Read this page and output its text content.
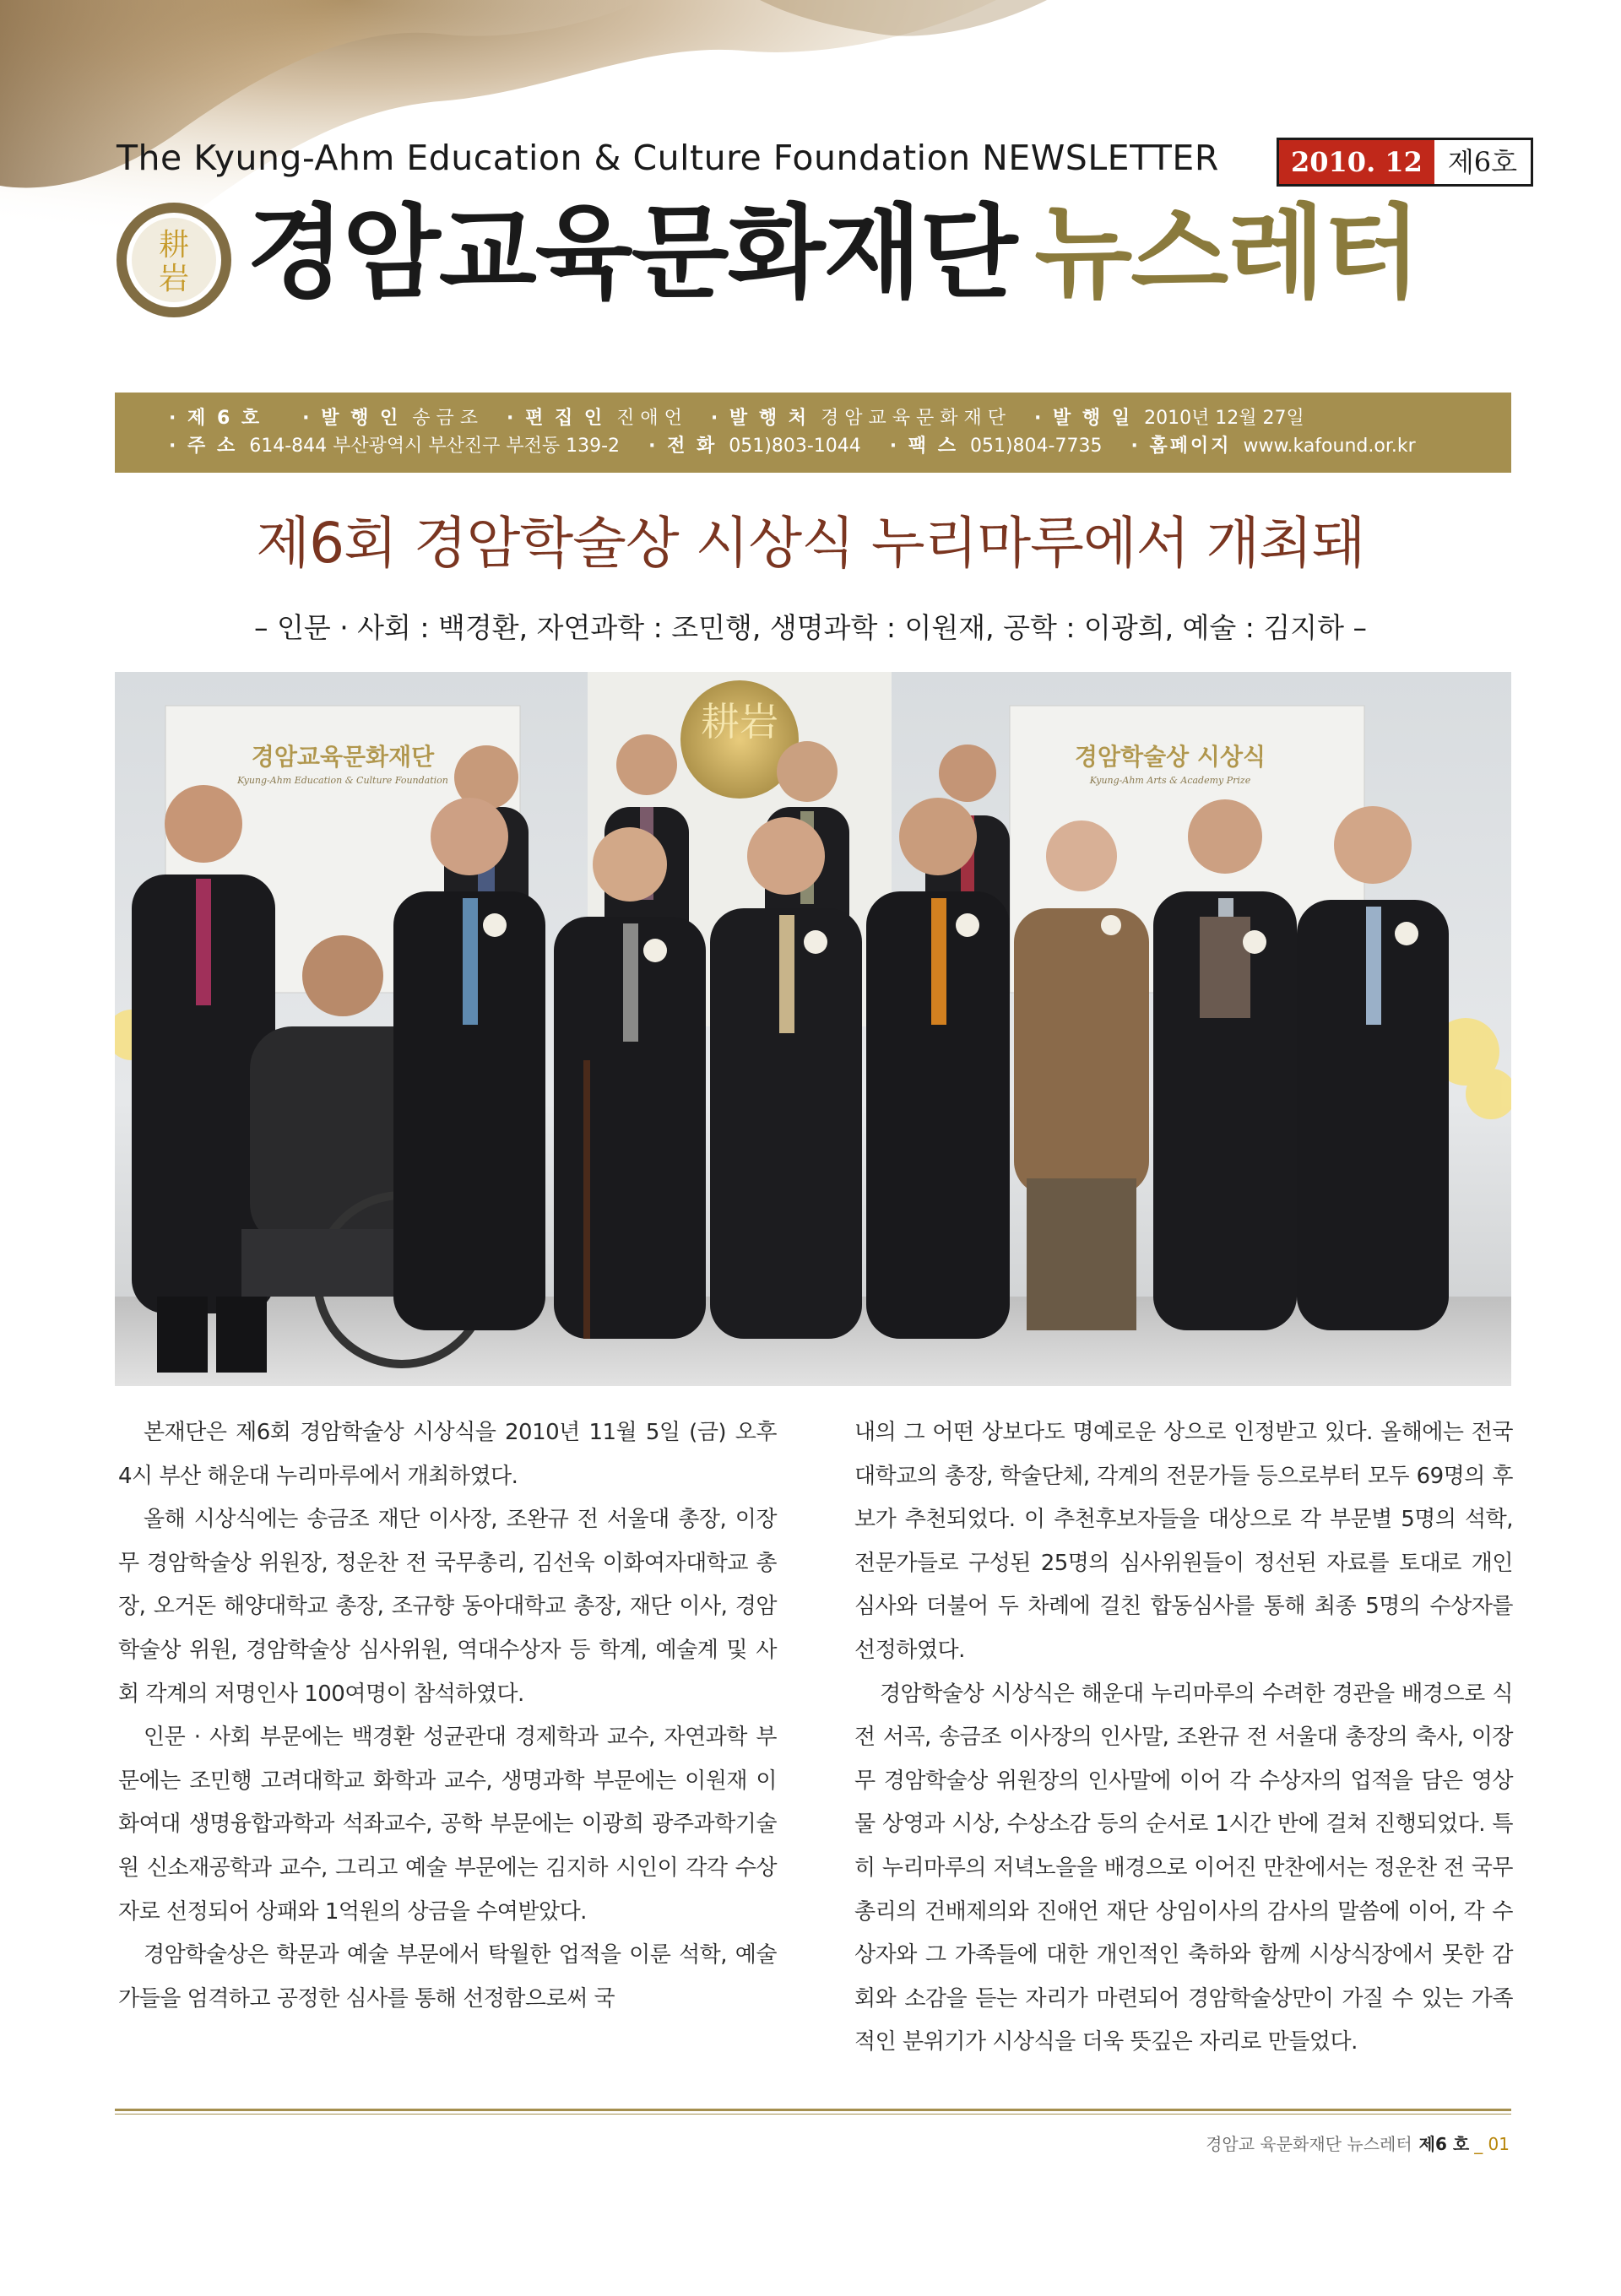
The Kyung-Ahm Education & Culture Foundation NEWSLETTER	2010. 12 제6호
耕
岩 경암교육문화재단 뉴스레터
· 제 6 호	· 발 행 인 송 금 조	· 편 집 인 진 애 언	· 발 행 처 경 암 교 육 문 화 재 단	· 발 행 일 2010년 12월 27일
· 주 소 614-844 부산광역시 부산진구 부전동 139-2	· 전 화 051)803-1044	· 팩 스 051)804-7735	· 홈페이지 www.kafound.or.kr
제6회 경암학술상 시상식 누리마루에서 개최돼
– 인문 · 사회 : 백경환, 자연과학 : 조민행, 생명과학 : 이원재, 공학 : 이광희, 예술 : 김지하 –
耕岩
경암교육문화재단
Kyung-Ahm Education & Culture Foundation
경암학술상 시상식
Kyung-Ahm Arts & Academy Prize

본재단은 제6회 경암학술상 시상식을 2010년 11월 5일 (금) 오후 4시 부산 해운대 누리마루에서 개최하였다.

올해 시상식에는 송금조 재단 이사장, 조완규 전 서울대 총장, 이장무 경암학술상 위원장, 정운찬 전 국무총리, 김선욱 이화여자대학교 총장, 오거돈 해양대학교 총장, 조규향 동아대학교 총장, 재단 이사, 경암학술상 위원, 경암학술상 심사위원, 역대수상자 등 학계, 예술계 및 사회 각계의 저명인사 100여명이 참석하였다.

인문 · 사회 부문에는 백경환 성균관대 경제학과 교수, 자연과학 부문에는 조민행 고려대학교 화학과 교수, 생명과학 부문에는 이원재 이화여대 생명융합과학과 석좌교수, 공학 부문에는 이광희 광주과학기술원 신소재공학과 교수, 그리고 예술 부문에는 김지하 시인이 각각 수상자로 선정되어 상패와 1억원의 상금을 수여받았다.

경암학술상은 학문과 예술 부문에서 탁월한 업적을 이룬 석학, 예술가들을 엄격하고 공정한 심사를 통해 선정함으로써 국

내의 그 어떤 상보다도 명예로운 상으로 인정받고 있다. 올해에는 전국 대학교의 총장, 학술단체, 각계의 전문가들 등으로부터 모두 69명의 후보가 추천되었다. 이 추천후보자들을 대상으로 각 부문별 5명의 석학, 전문가들로 구성된 25명의 심사위원들이 정선된 자료를 토대로 개인 심사와 더불어 두 차례에 걸친 합동심사를 통해 최종 5명의 수상자를 선정하였다.

경암학술상 시상식은 해운대 누리마루의 수려한 경관을 배경으로 식전 서곡, 송금조 이사장의 인사말, 조완규 전 서울대 총장의 축사, 이장무 경암학술상 위원장의 인사말에 이어 각 수상자의 업적을 담은 영상물 상영과 시상, 수상소감 등의 순서로 1시간 반에 걸쳐 진행되었다. 특히 누리마루의 저녁노을을 배경으로 이어진 만찬에서는 정운찬 전 국무총리의 건배제의와 진애언 재단 상임이사의 감사의 말씀에 이어, 각 수상자와 그 가족들에 대한 개인적인 축하와 함께 시상식장에서 못한 감회와 소감을 듣는 자리가 마련되어 경암학술상만이 가질 수 있는 가족적인 분위기가 시상식을 더욱 뜻깊은 자리로 만들었다.

경암교 육문화재단 뉴스레터 제6 호 _ 01
